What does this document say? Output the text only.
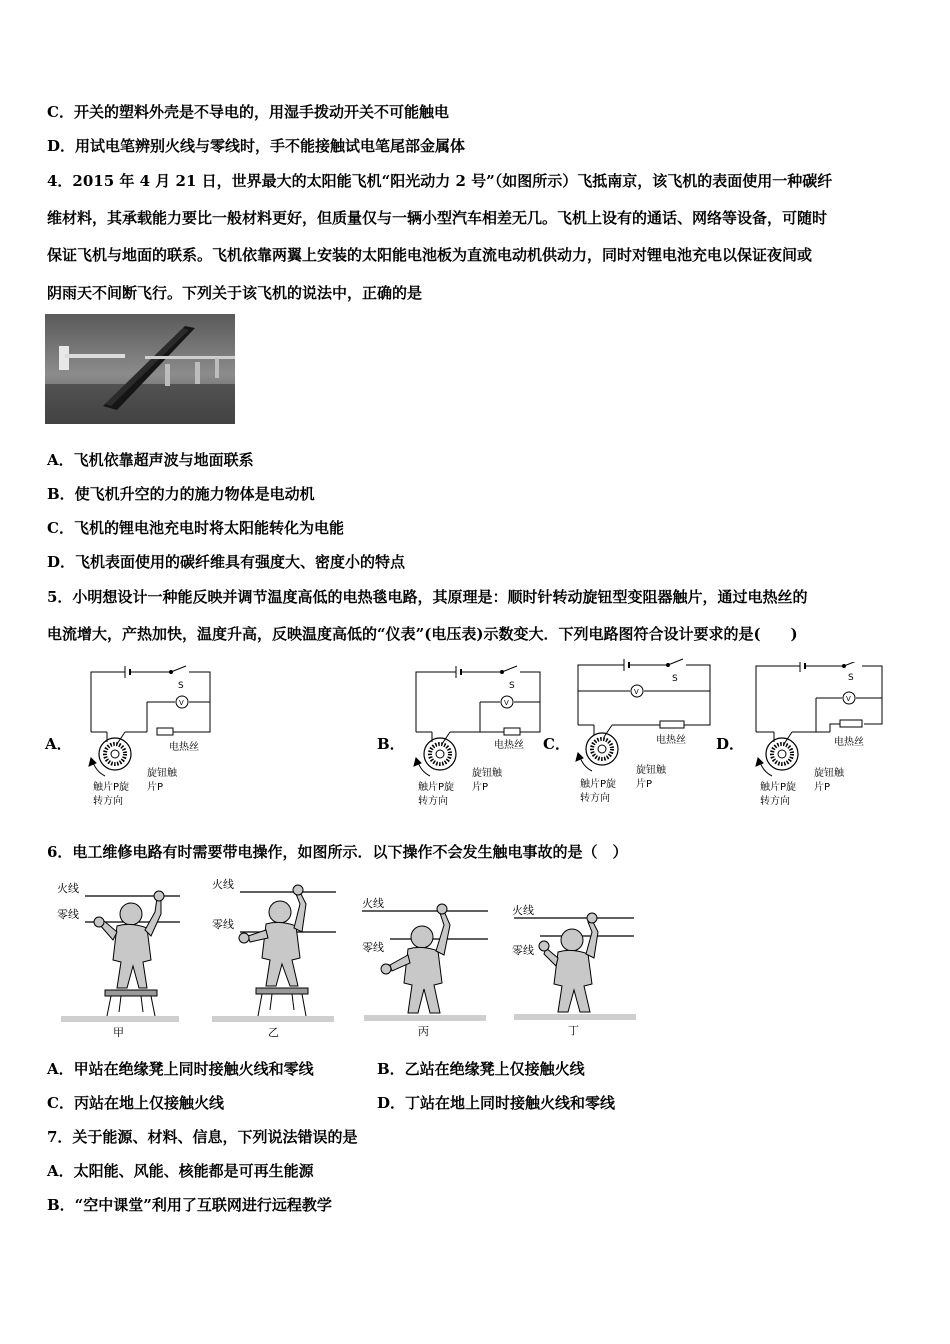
C．开关的塑料外壳是不导电的，用湿手拨动开关不可能触电
D．用试电笔辨别火线与零线时，手不能接触试电笔尾部金属体
4．2015 年 4 月 21 日，世界最大的太阳能飞机“阳光动力 2 号”（如图所示）飞抵南京，该飞机的表面使用一种碳纤
维材料，其承载能力要比一般材料更好，但质量仅与一辆小型汽车相差无几。飞机上设有的通话、网络等设备，可随时
保证飞机与地面的联系。飞机依靠两翼上安装的太阳能电池板为直流电动机供动力，同时对锂电池充电以保证夜间或
阴雨天不间断飞行。下列关于该飞机的说法中，正确的是
A．飞机依靠超声波与地面联系
B．使飞机升空的力的施力物体是电动机
C．飞机的锂电池充电时将太阳能转化为电能
D．飞机表面使用的碳纤维具有强度大、密度小的特点
5．小明想设计一种能反映并调节温度高低的电热毯电路，其原理是：顺时针转动旋钮型变阻器触片，通过电热丝的
电流增大，产热加快，温度升高，反映温度高低的“仪表”(电压表)示数变大．下列电路图符合设计要求的是(　　)
A．	B．	C．	D．
S
V
电热丝
旋钮触
片P
触片P旋
转方向
S
V
电热丝
旋钮触
片P
触片P旋
转方向
S
V
电热丝
旋钮触
片P
触片P旋
转方向
S
V
电热丝
旋钮触
片P
触片P旋
转方向
6．电工维修电路有时需要带电操作，如图所示．以下操作不会发生触电事故的是（　）
火线
零线
甲
火线
零线
乙
火线
零线
丙
火线
零线
丁
A．甲站在绝缘凳上同时接触火线和零线	B．乙站在绝缘凳上仅接触火线
C．丙站在地上仅接触火线	D．丁站在地上同时接触火线和零线
7．关于能源、材料、信息，下列说法错误的是
A．太阳能、风能、核能都是可再生能源
B．“空中课堂”利用了互联网进行远程教学
